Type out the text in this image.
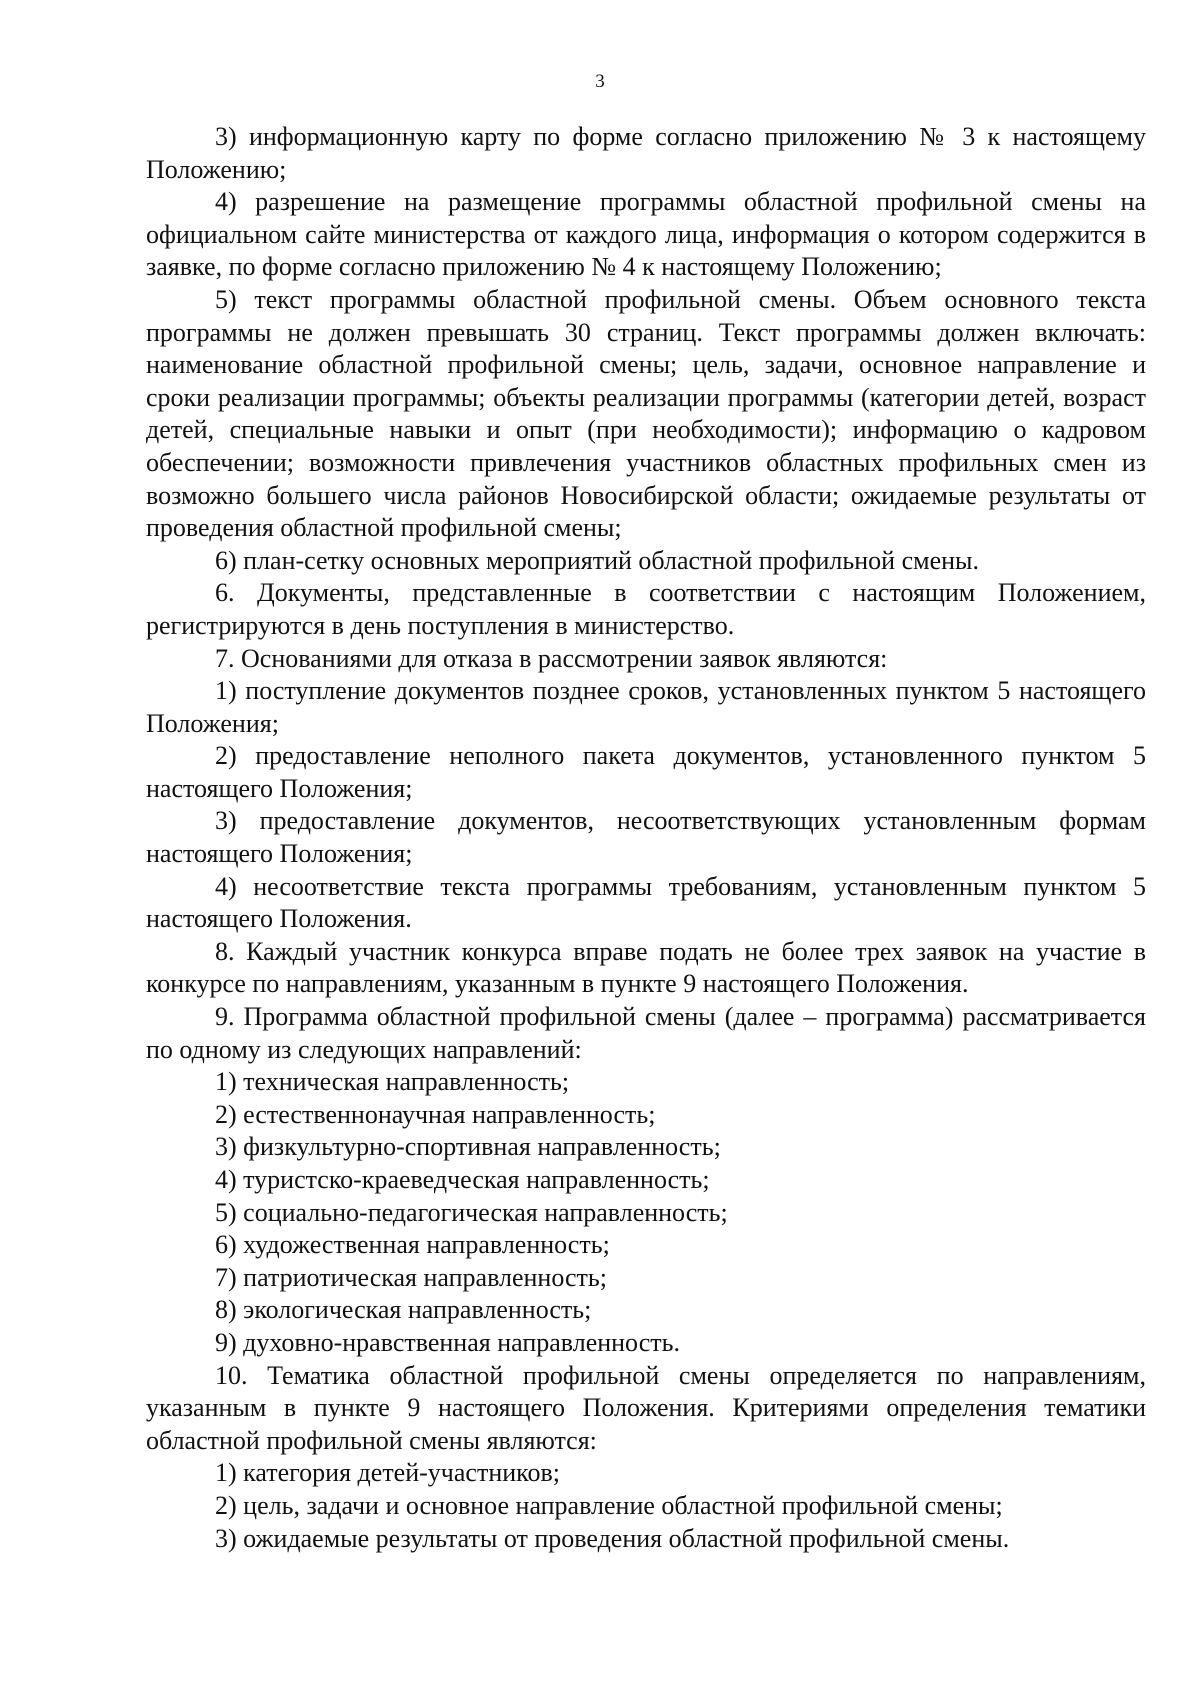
3

3) информационную карту по форме согласно приложению № 3 к настоящему Положению;

4) разрешение на размещение программы областной профильной смены на официальном сайте министерства от каждого лица, информация о котором содержится в заявке, по форме согласно приложению № 4 к настоящему Положению;

5) текст программы областной профильной смены. Объем основного текста программы не должен превышать 30 страниц. Текст программы должен включать: наименование областной профильной смены; цель, задачи, основное направление и сроки реализации программы; объекты реализации программы (категории детей, возраст детей, специальные навыки и опыт (при необходимости); информацию о кадровом обеспечении; возможности привлечения участников областных профильных смен из возможно большего числа районов Новосибирской области; ожидаемые результаты от проведения областной профильной смены;

6) план-сетку основных мероприятий областной профильной смены.

6. Документы, представленные в соответствии с настоящим Положением, регистрируются в день поступления в министерство.

7. Основаниями для отказа в рассмотрении заявок являются:

1) поступление документов позднее сроков, установленных пунктом 5 настоящего Положения;

2) предоставление неполного пакета документов, установленного пунктом 5 настоящего Положения;

3) предоставление документов, несоответствующих установленным формам настоящего Положения;

4) несоответствие текста программы требованиям, установленным пунктом 5 настоящего Положения.

8. Каждый участник конкурса вправе подать не более трех заявок на участие в конкурсе по направлениям, указанным в пункте 9 настоящего Положения.

9. Программа областной профильной смены (далее – программа) рассматривается по одному из следующих направлений:

1) техническая направленность;

2) естественнонаучная направленность;

3) физкультурно-спортивная направленность;

4) туристско-краеведческая направленность;

5) социально-педагогическая направленность;

6) художественная направленность;

7) патриотическая направленность;

8) экологическая направленность;

9) духовно-нравственная направленность.

10. Тематика областной профильной смены определяется по направлениям, указанным в пункте 9 настоящего Положения. Критериями определения тематики областной профильной смены являются:

1) категория детей-участников;

2) цель, задачи и основное направление областной профильной смены;

3) ожидаемые результаты от проведения областной профильной смены.
